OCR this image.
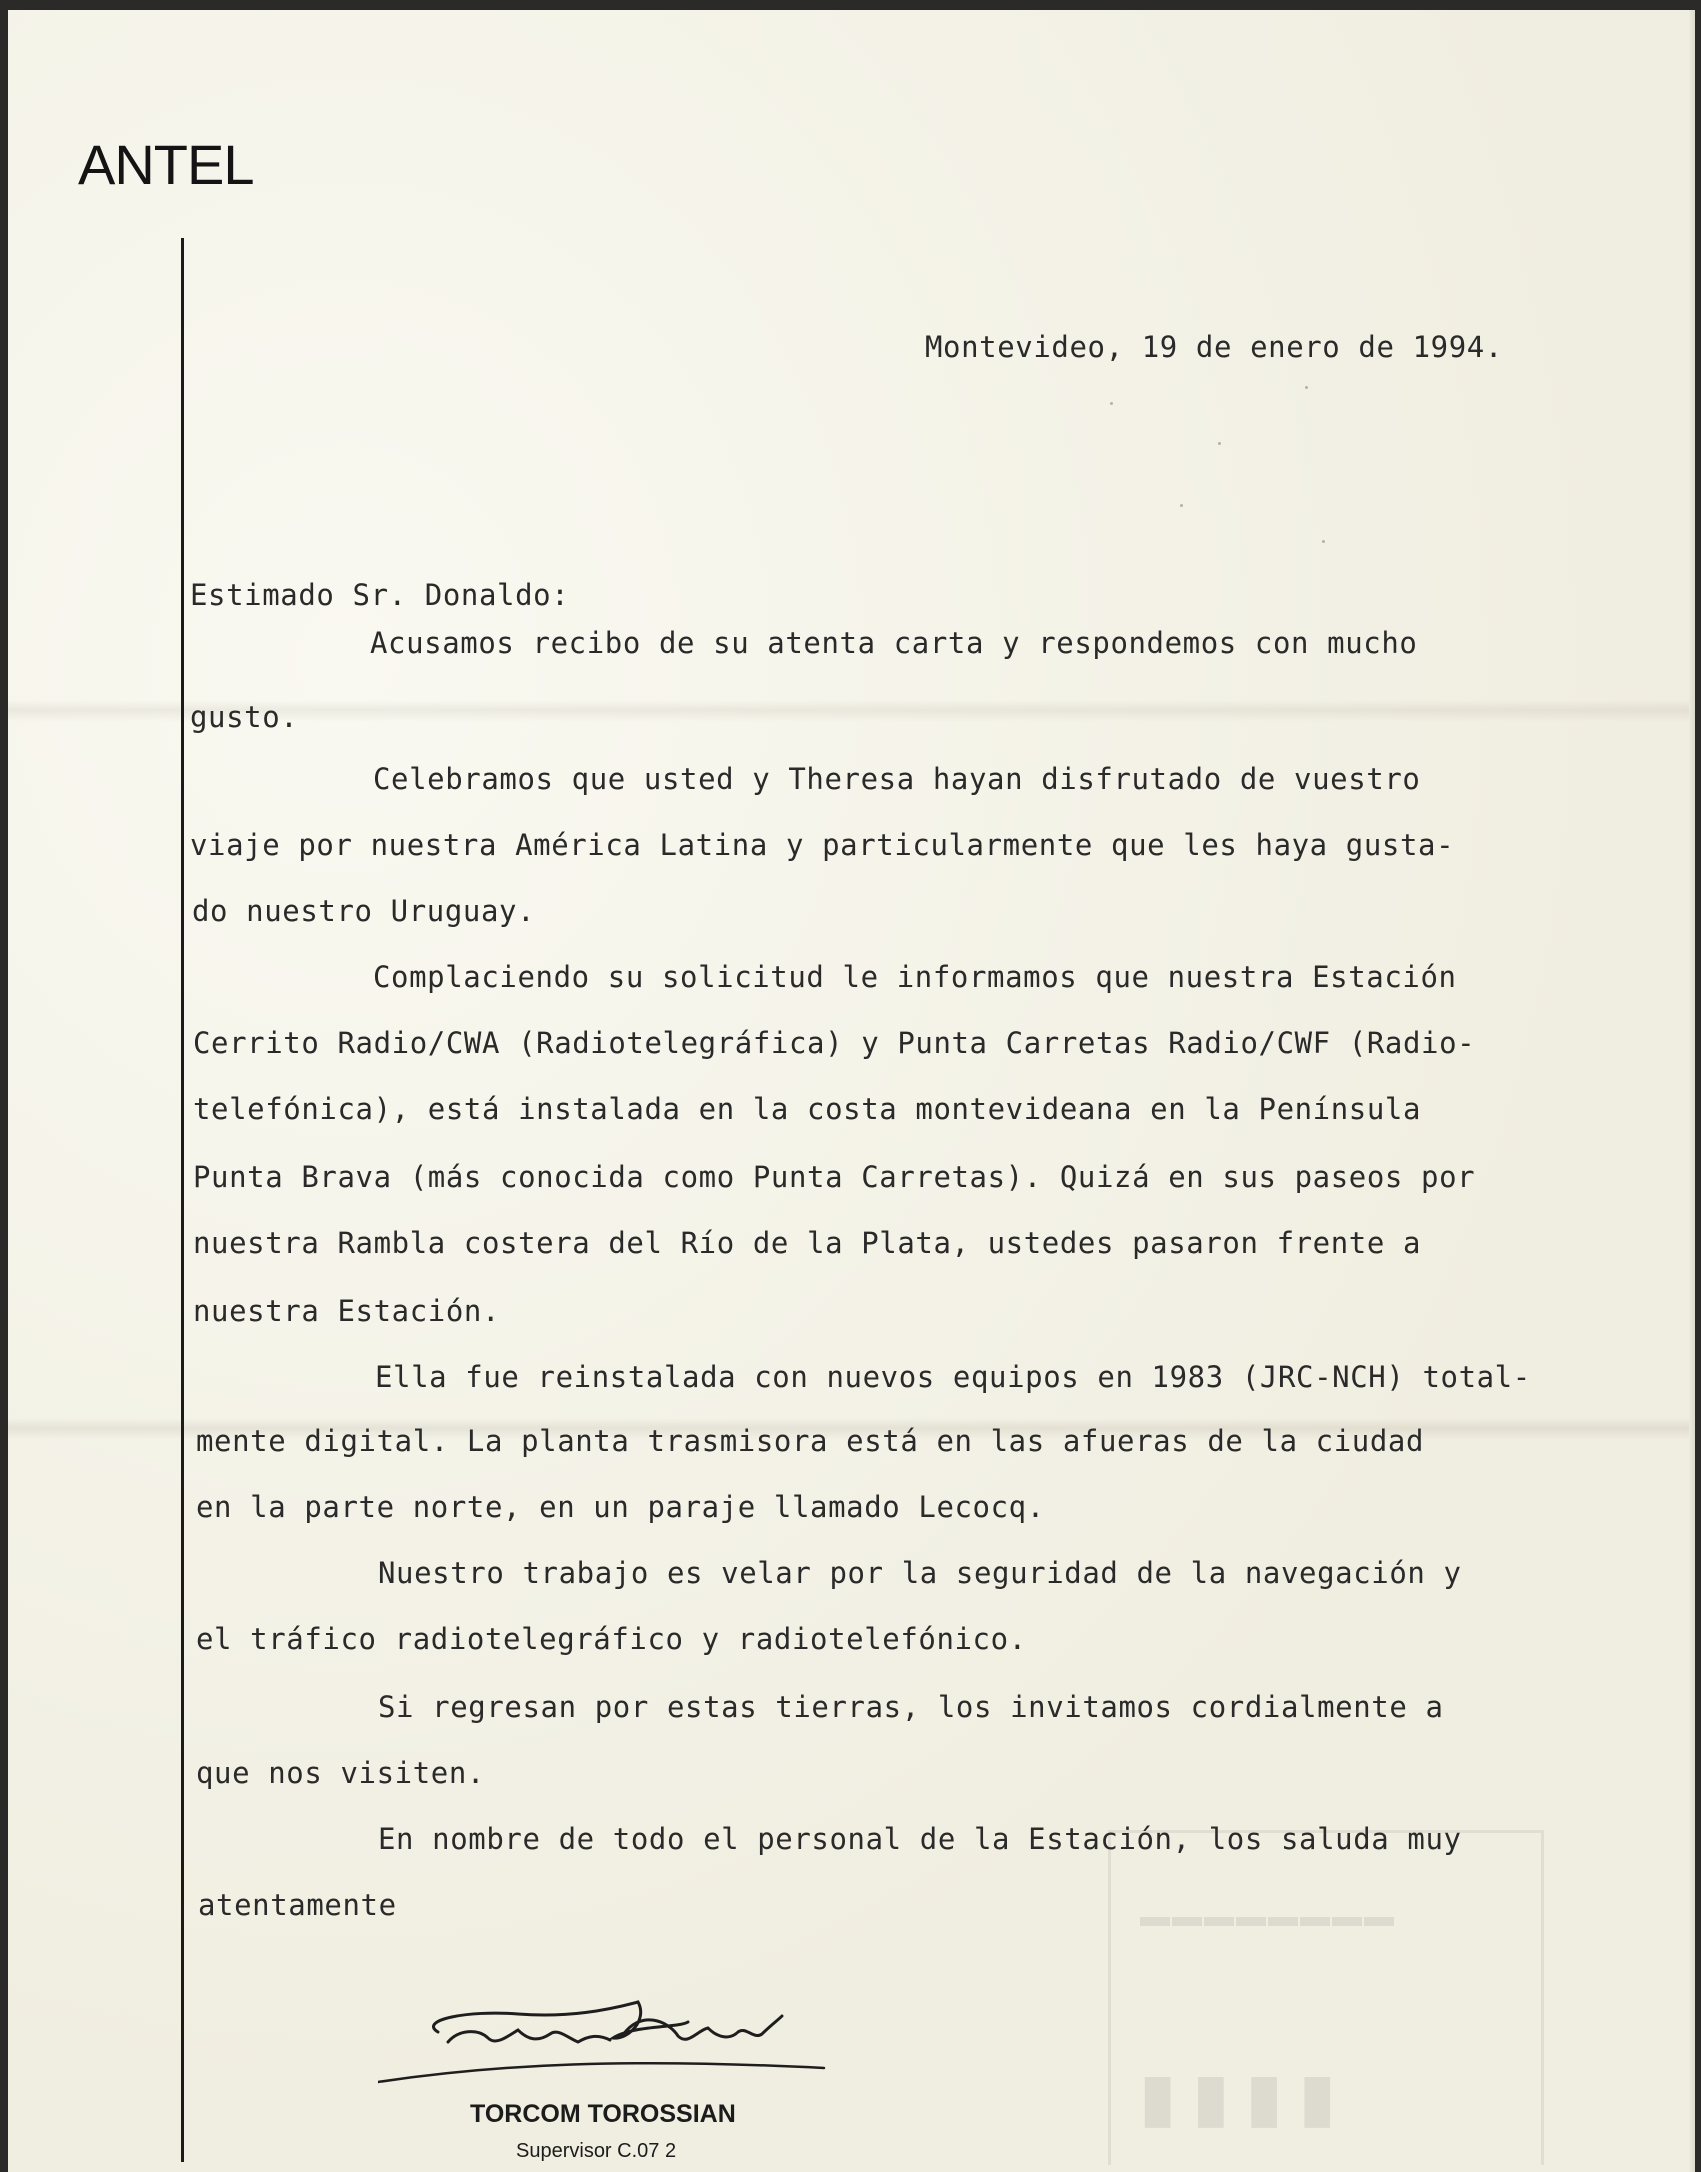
ANTEL
Montevideo, 19 de enero de 1994.
Estimado Sr. Donaldo:
Acusamos recibo de su atenta carta y respondemos con mucho
gusto.
Celebramos que usted y Theresa hayan disfrutado de vuestro
viaje por nuestra América Latina y particularmente que les haya gusta-
do nuestro Uruguay.
Complaciendo su solicitud le informamos que nuestra Estación
Cerrito Radio/CWA (Radiotelegráfica) y Punta Carretas Radio/CWF (Radio-
telefónica), está instalada en la costa montevideana en la Península
Punta Brava (más conocida como Punta Carretas). Quizá en sus paseos por
nuestra Rambla costera del Río de la Plata, ustedes pasaron frente a
nuestra Estación.
Ella fue reinstalada con nuevos equipos en 1983 (JRC-NCH) total-
mente digital. La planta trasmisora está en las afueras de la ciudad
en la parte norte, en un paraje llamado Lecocq.
Nuestro trabajo es velar por la seguridad de la navegación y
el tráfico radiotelegráfico y radiotelefónico.
Si regresan por estas tierras, los invitamos cordialmente a
que nos visiten.
En nombre de todo el personal de la Estación, los saluda muy
atentamente	▬▬▬▬▬▬▬▬
▮▮▮▮
TORCOM TOROSSIAN
Supervisor C.07 2
